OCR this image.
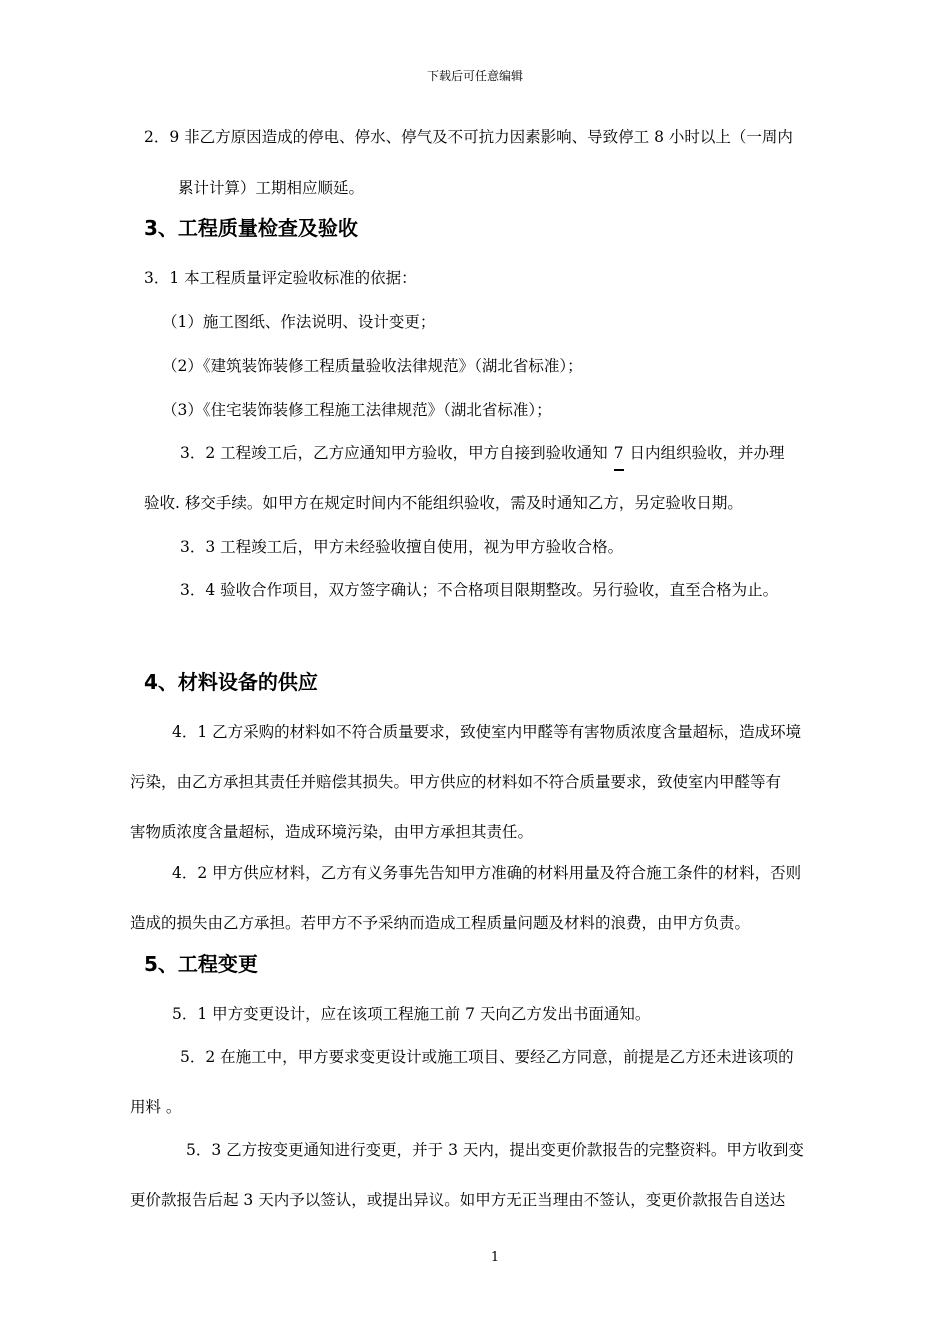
下载后可任意编辑
2．9 非乙方原因造成的停电、停水、停气及不可抗力因素影响、导致停工 8 小时以上（一周内
累计计算）工期相应顺延。
3、工程质量检查及验收
3．1 本工程质量评定验收标准的依据：
（1）施工图纸、作法说明、设计变更；
（2）《建筑装饰装修工程质量验收法律规范》（湖北省标准）；
（3）《住宅装饰装修工程施工法律规范》（湖北省标准）；
3．2 工程竣工后，乙方应通知甲方验收，甲方自接到验收通知 7 日内组织验收，并办理
验收. 移交手续。如甲方在规定时间内不能组织验收，需及时通知乙方，另定验收日期。
3．3 工程竣工后，甲方未经验收擅自使用，视为甲方验收合格。
3．4 验收合作项目，双方签字确认；不合格项目限期整改。另行验收，直至合格为止。
4、材料设备的供应
4．1 乙方采购的材料如不符合质量要求，致使室内甲醛等有害物质浓度含量超标，造成环境
污染，由乙方承担其责任并赔偿其损失。甲方供应的材料如不符合质量要求，致使室内甲醛等有
害物质浓度含量超标，造成环境污染，由甲方承担其责任。
4．2 甲方供应材料，乙方有义务事先告知甲方准确的材料用量及符合施工条件的材料，否则
造成的损失由乙方承担。若甲方不予采纳而造成工程质量问题及材料的浪费，由甲方负责。
5、工程变更
5．1 甲方变更设计，应在该项工程施工前 7 天向乙方发出书面通知。
5．2 在施工中，甲方要求变更设计或施工项目、要经乙方同意，前提是乙方还未进该项的
用料 。
5．3 乙方按变更通知进行变更，并于 3 天内，提出变更价款报告的完整资料。甲方收到变
更价款报告后起 3 天内予以签认，或提出异议。如甲方无正当理由不签认，变更价款报告自送达
1
